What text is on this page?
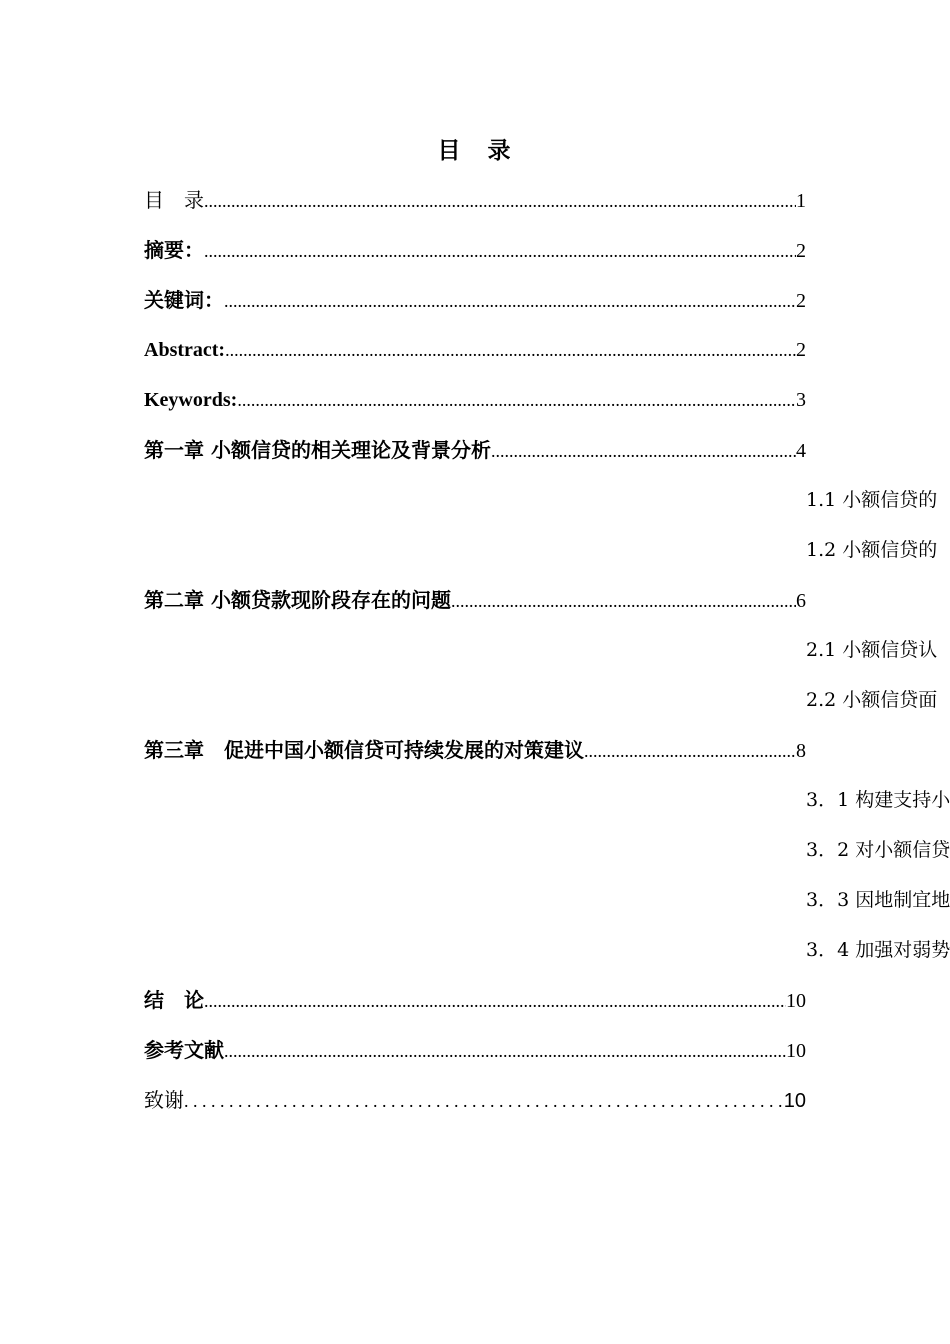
目　录
目　录 .....	1
摘要： .....	2
关键词： .....	2
Abstract: .....	2
Keywords: .....	3
第一章 小额信贷的相关理论及背景分析 .....	4
1.1 小额信贷的
1.2 小额信贷的
第二章 小额贷款现阶段存在的问题 .....	6
2.1 小额信贷认
2.2 小额信贷面
第三章　促进中国小额信贷可持续发展的对策建议 .....	8
3．1 构建支持小
3．2 对小额信贷
3．3 因地制宜地
3．4 加强对弱势
结　论 .....	10
参考文献 .....	10
致谢 . . .	10
